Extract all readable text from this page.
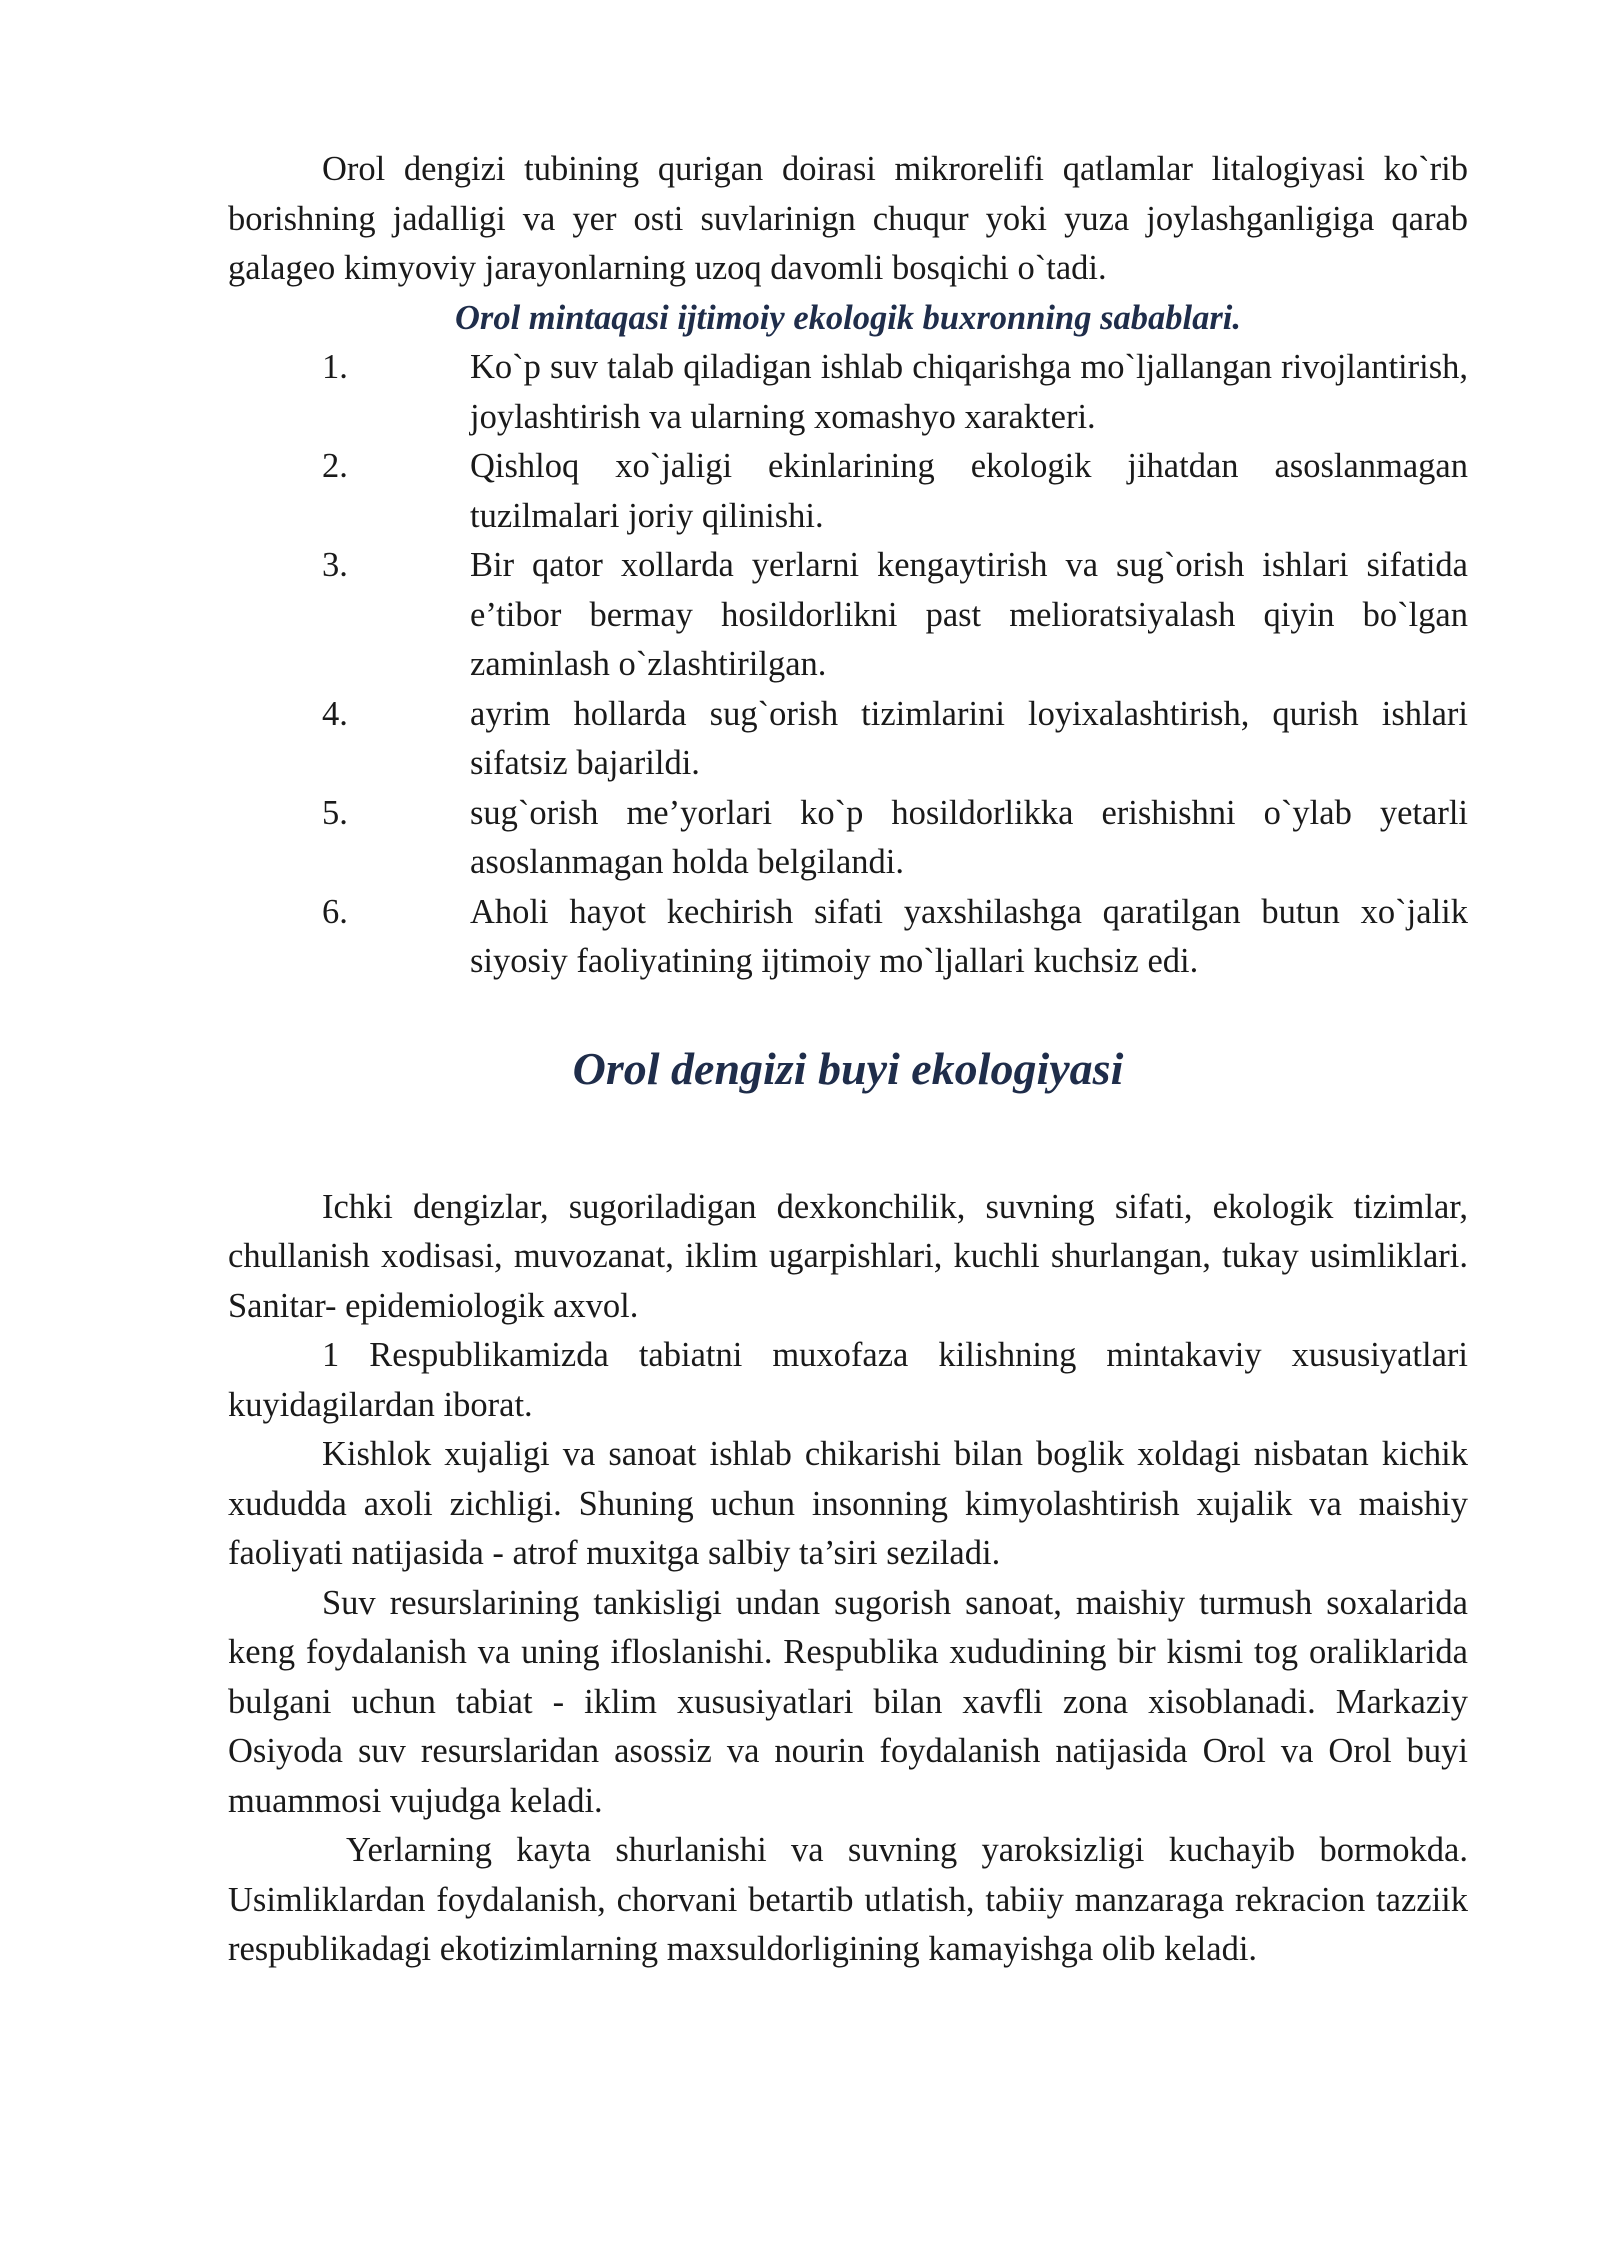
Orol dengizi tubining qurigan doirasi mikrorelifi qatlamlar litalogiyasi ko`rib borishning jadalligi va yer osti suvlarinign chuqur yoki yuza joylashganligiga qarab galageo kimyoviy jarayonlarning uzoq davomli bosqichi o`tadi.

Orol mintaqasi ijtimoiy ekologik buxronning sabablari.
1.	Ko`p suv talab qiladigan ishlab chiqarishga mo`ljallangan rivojlantirish, joylashtirish va ularning xomashyo xarakteri.
2.	Qishloq xo`jaligi ekinlarining ekologik jihatdan asoslanmagan tuzilmalari joriy qilinishi.
3.	Bir qator xollarda yerlarni kengaytirish va sug`orish ishlari sifatida e’tibor bermay hosildorlikni past melioratsiyalash qiyin bo`lgan zaminlash o`zlashtirilgan.
4.	ayrim hollarda sug`orish tizimlarini loyixalashtirish, qurish ishlari sifatsiz bajarildi.
5.	sug`orish me’yorlari ko`p hosildorlikka erishishni o`ylab yetarli asoslanmagan holda belgilandi.
6.	Aholi hayot kechirish sifati yaxshilashga qaratilgan butun xo`jalik siyosiy faoliyatining ijtimoiy mo`ljallari kuchsiz edi.
Orol dengizi buyi ekologiyasi

Ichki dengizlar, sugoriladigan dexkonchilik, suvning sifati, ekologik tizimlar, chullanish xodisasi, muvozanat, iklim ugarpishlari, kuchli shurlangan, tukay usimliklari. Sanitar- epidemiologik axvol.

1 Respublikamizda tabiatni muxofaza kilishning mintakaviy xususiyatlari kuyidagilardan iborat.

Kishlok xujaligi va sanoat ishlab chikarishi bilan boglik xoldagi nisbatan kichik xududda axoli zichligi. Shuning uchun insonning kimyolashtirish xujalik va maishiy faoliyati natijasida - atrof muxitga salbiy ta’siri seziladi.

Suv resurslarining tankisligi undan sugorish sanoat, maishiy turmush soxalarida keng foydalanish va uning ifloslanishi. Respublika xududining bir kismi tog oraliklarida bulgani uchun tabiat - iklim xususiyatlari bilan xavfli zona xisoblanadi. Markaziy Osiyoda suv resurslaridan asossiz va nourin foydalanish natijasida Orol va Orol buyi muammosi vujudga keladi.

Yerlarning kayta shurlanishi va suvning yaroksizligi kuchayib bormokda. Usimliklardan foydalanish, chorvani betartib utlatish, tabiiy manzaraga rekracion tazziik respublikadagi ekotizimlarning maxsuldorligining kamayishga olib keladi.
